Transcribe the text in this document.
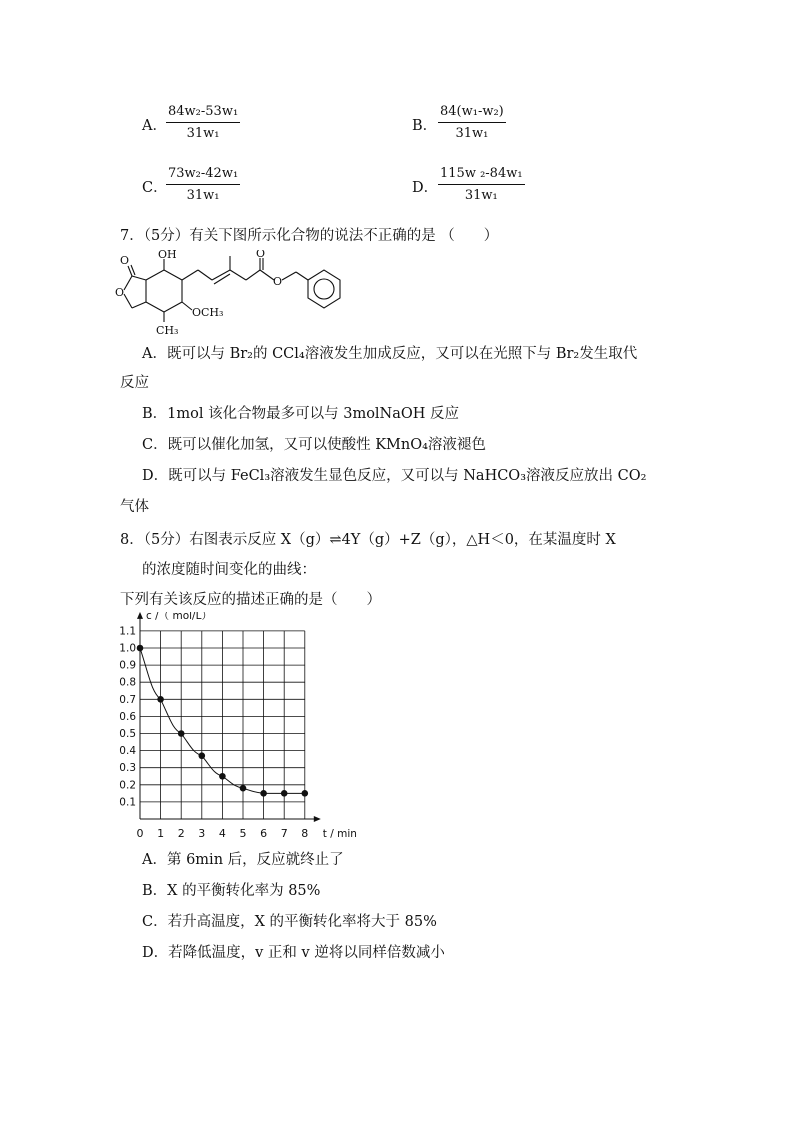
A．
84w₂-53w₁
31w₁	B．
84(w₁-w₂)
31w₁
C．
73w₂-42w₁
31w₁	D．
115w ₂-84w₁
31w₁
7．（5分）有关下图所示化合物的说法不正确的是 （　　）
O
O
OH
OCH₃
CH₃
O
O
A．既可以与 Br₂的 CCl₄溶液发生加成反应，又可以在光照下与 Br₂发生取代
反应
B．1mol 该化合物最多可以与 3molNaOH 反应
C．既可以催化加氢，又可以使酸性 KMnO₄溶液褪色
D．既可以与 FeCl₃溶液发生显色反应，又可以与 NaHCO₃溶液反应放出 CO₂
气体
8．（5分）右图表示反应 X（g）⇌4Y（g）+Z（g），△H＜0，在某温度时 X
的浓度随时间变化的曲线：
下列有关该反应的描述正确的是（　　）
0.1
0.2
0.3
0.4
0.5
0.6
0.7
0.8
0.9
1.0
1.1
0 1 2 3 4 5 6 7 8
c /（ mol/L）
t / min
A．第 6min 后，反应就终止了
B．X 的平衡转化率为 85%
C．若升高温度，X 的平衡转化率将大于 85%
D．若降低温度，v 正和 v 逆将以同样倍数减小
